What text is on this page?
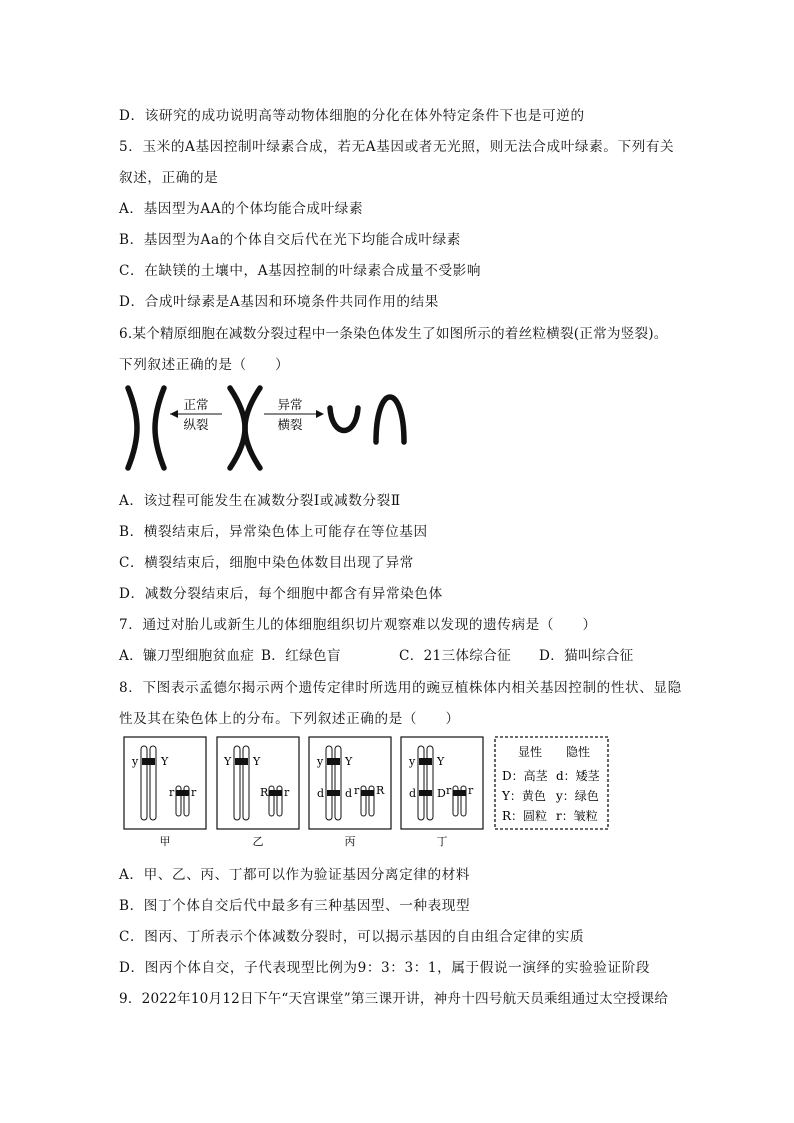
D．该研究的成功说明高等动物体细胞的分化在体外特定条件下也是可逆的
5．玉米的A基因控制叶绿素合成，若无A基因或者无光照，则无法合成叶绿素。下列有关
叙述，正确的是
A．基因型为AA的个体均能合成叶绿素
B．基因型为Aa的个体自交后代在光下均能合成叶绿素
C．在缺镁的土壤中，A基因控制的叶绿素合成量不受影响
D．合成叶绿素是A基因和环境条件共同作用的结果
6.某个精原细胞在减数分裂过程中一条染色体发生了如图所示的着丝粒横裂(正常为竖裂)。
下列叙述正确的是（　　）
正常
纵裂
异常
横裂
A．该过程可能发生在减数分裂Ⅰ或减数分裂Ⅱ
B．横裂结束后，异常染色体上可能存在等位基因
C．横裂结束后，细胞中染色体数目出现了异常
D．减数分裂结束后，每个细胞中都含有异常染色体
7．通过对胎儿或新生儿的体细胞组织切片观察难以发现的遗传病是（　　）
A．镰刀型细胞贫血症 B．红绿色盲	C．21三体综合征 D．猫叫综合征
8．下图表示孟德尔揭示两个遗传定律时所选用的豌豆植株体内相关基因控制的性状、显隐
性及其在染色体上的分布。下列叙述正确的是（　　）
y Y
r r
Y Y
R r
y Y
d d r R
y Y
d D r r
甲	乙	丙	丁
显性 隐性
D：高茎 d：矮茎
Y：黄色 y：绿色
R：圆粒 r：皱粒
A．甲、乙、丙、丁都可以作为验证基因分离定律的材料
B．图丁个体自交后代中最多有三种基因型、一种表现型
C．图丙、丁所表示个体减数分裂时，可以揭示基因的自由组合定律的实质
D．图丙个体自交，子代表现型比例为9：3：3：1，属于假说一演绎的实验验证阶段
9．2022年10月12日下午“天宫课堂”第三课开讲，神舟十四号航天员乘组通过太空授课给
